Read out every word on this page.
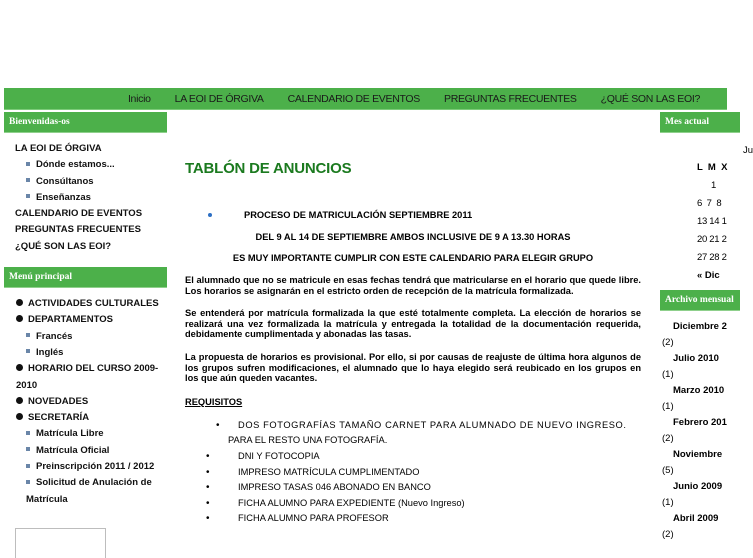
Inicio LA EOI DE ÓRGIVA CALENDARIO DE EVENTOS PREGUNTAS FRECUENTES ¿QUÉ SON LAS EOI?
Bienvenidas-os
LA EOI DE ÓRGIVA
Dónde estamos...
Consúltanos
Enseñanzas
CALENDARIO DE EVENTOS
PREGUNTAS FRECUENTES
¿QUÉ SON LAS EOI?
Menú principal
ACTIVIDADES CULTURALES
DEPARTAMENTOS
Francés
Inglés
HORARIO DEL CURSO 2009-2010
NOVEDADES
SECRETARÍA
Matrícula Libre
Matrícula Oficial
Preinscripción 2011 / 2012
Solicitud de Anulación de Matrícula
TABLÓN DE ANUNCIOS
PROCESO DE MATRICULACIÓN SEPTIEMBRE 2011
DEL 9 AL 14 DE SEPTIEMBRE AMBOS INCLUSIVE DE 9 A 13.30 HORAS
ES MUY IMPORTANTE CUMPLIR CON ESTE CALENDARIO PARA ELEGIR GRUPO

El alumnado que no se matricule en esas fechas tendrá que matricularse en el horario que quede libre. Los horarios se asignarán en el estricto orden de recepción de la matrícula formalizada.

Se entenderá por matrícula formalizada la que esté totalmente completa. La elección de horarios se realizará una vez formalizada la matrícula y entregada la totalidad de la documentación requerida, debidamente cumplimentada y abonadas las tasas.

La propuesta de horarios es provisional. Por ello, si por causas de reajuste de última hora algunos de los grupos sufren modificaciones, el alumnado que lo haya elegido será reubicado en los grupos en los que aún queden vacantes.

REQUISITOS
• DOS FOTOGRAFÍAS TAMAÑO CARNET PARA ALUMNADO DE NUEVO INGRESO.
PARA EL RESTO UNA FOTOGRAFÍA.
• DNI Y FOTOCOPIA
• IMPRESO MATRÍCULA CUMPLIMENTADO
• IMPRESO TASAS 046 ABONADO EN BANCO
• FICHA ALUMNO PARA EXPEDIENTE (Nuevo Ingreso)
• FICHA ALUMNO PARA PROFESOR
Mes actual
Ju
L  M  X
1
6  7  8
13 14 1
20 21 2
27 28 2
« Dic
Archivo mensual
Diciembre 2
(2)
Julio 2010
(1)
Marzo 2010
(1)
Febrero 201
(2)
Noviembre
(5)
Junio 2009
(1)
Abril 2009
(2)
